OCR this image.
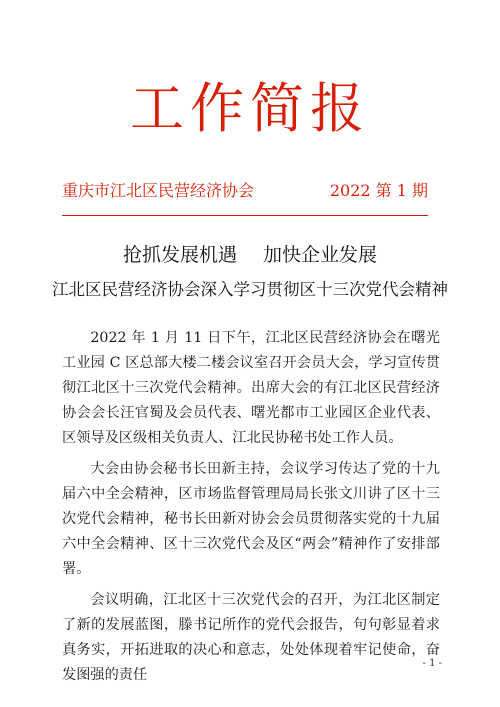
工作简报
重庆市江北区民营经济协会	2022 第 1 期
抢抓发展机遇 加快企业发展
江北区民营经济协会深入学习贯彻区十三次党代会精神

2022 年 1 月 11 日下午，江北区民营经济协会在曙光工业园 C 区总部大楼二楼会议室召开会员大会，学习宣传贯彻江北区十三次党代会精神。出席大会的有江北区民营经济协会会长汪官蜀及会员代表、曙光都市工业园区企业代表、区领导及区级相关负责人、江北民协秘书处工作人员。

大会由协会秘书长田新主持，会议学习传达了党的十九届六中全会精神，区市场监督管理局局长张文川讲了区十三次党代会精神，秘书长田新对协会会员贯彻落实党的十九届六中全会精神、区十三次党代会及区“两会”精神作了安排部署。

会议明确，江北区十三次党代会的召开，为江北区制定了新的发展蓝图，滕书记所作的党代会报告，句句彰显着求真务实，开拓进取的决心和意志，处处体现着牢记使命，奋发图强的责任

- 1 -
